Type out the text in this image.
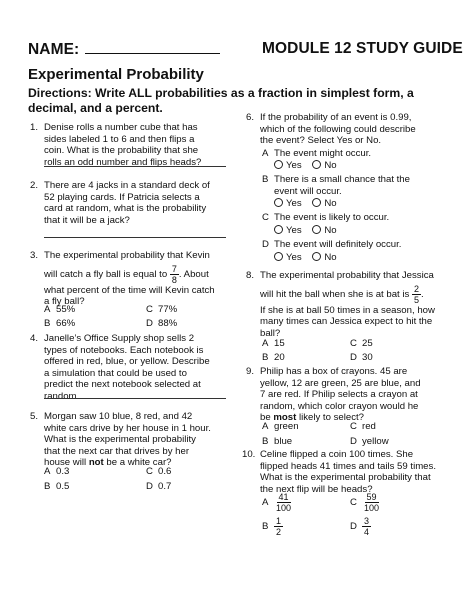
NAME:	MODULE 12 STUDY GUIDE
Experimental Probability
Directions: Write ALL probabilities as a fraction in simplest form, a decimal, and a percent.
1. Denise rolls a number cube that has sides labeled 1 to 6 and then flips a coin. What is the probability that she rolls an odd number and flips heads?
2. There are 4 jacks in a standard deck of 52 playing cards. If Patricia selects a card at random, what is the probability that it will be a jack?
3. The experimental probability that Kevin
will catch a fly ball is equal to $\frac{7}{8}$ . About
what percent of the time will Kevin catch a fly ball?
A 55%	C 77%
B 66%	D 88%
4. Janelle’s Office Supply shop sells 2 types of notebooks. Each notebook is offered in red, blue, or yellow. Describe a simulation that could be used to predict the next notebook selected at random.
5. Morgan saw 10 blue, 8 red, and 42 white cars drive by her house in 1 hour. What is the experimental probability that the next car that drives by her house will not be a white car?
A 0.3	C 0.6
B 0.5	D 0.7
6. If the probability of an event is 0.99, which of the following could describe the event? Select Yes or No.
A The event might occur.
Yes No
B There is a small chance that the event will occur.
Yes No
C The event is likely to occur.
Yes No
D The event will definitely occur.
Yes No
8. The experimental probability that Jessica
will hit the ball when she is at bat is $\frac{2}{5}$ .
If she is at ball 50 times in a season, how many times can Jessica expect to hit the ball?
A 15	C 25
B 20	D 30
9. Philip has a box of crayons. 45 are yellow, 12 are green, 25 are blue, and 7 are red. If Philip selects a crayon at random, which color crayon would he be most likely to select?
A green	C red
B blue	D yellow
10. Celine flipped a coin 100 times. She flipped heads 41 times and tails 59 times. What is the experimental probability that the next flip will be heads?
A $\frac{41}{100}$	C $\frac{59}{100}$
B $\frac{1}{2}$	D $\frac{3}{4}$
